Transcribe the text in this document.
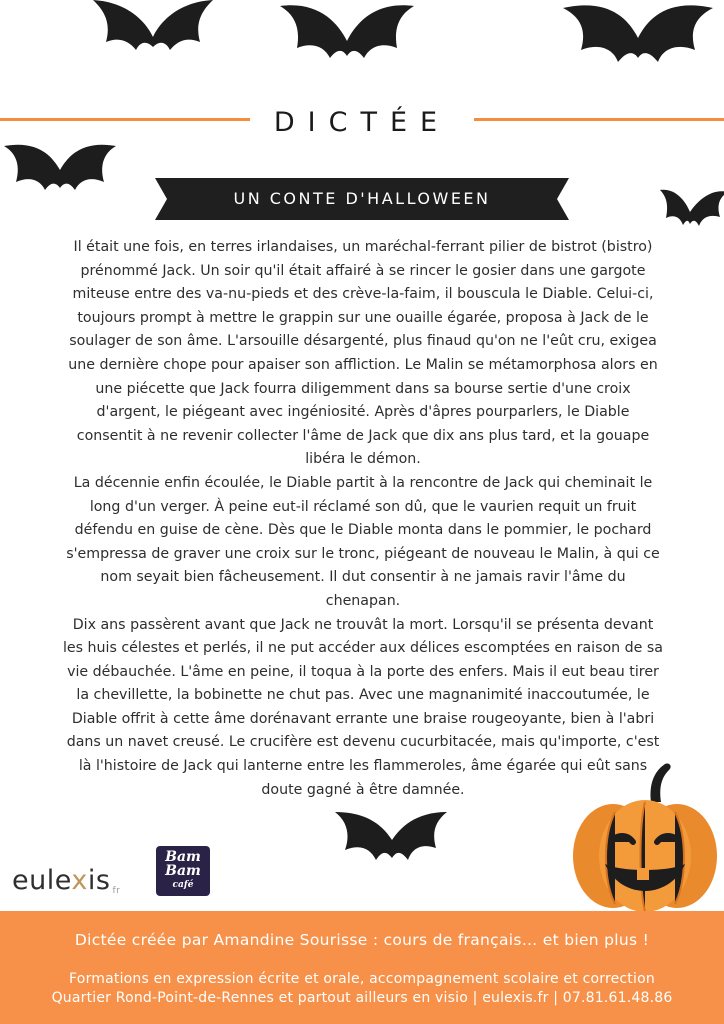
DICTÉE
UN CONTE D'HALLOWEEN

Il était une fois, en terres irlandaises, un maréchal-ferrant pilier de bistrot (bistro) prénommé Jack. Un soir qu'il était affairé à se rincer le gosier dans une gargote miteuse entre des va-nu-pieds et des crève-la-faim, il bouscula le Diable. Celui-ci, toujours prompt à mettre le grappin sur une ouaille égarée, proposa à Jack de le soulager de son âme. L'arsouille désargenté, plus finaud qu'on ne l'eût cru, exigea une dernière chope pour apaiser son affliction. Le Malin se métamorphosa alors en une piécette que Jack fourra diligemment dans sa bourse sertie d'une croix d'argent, le piégeant avec ingéniosité. Après d'âpres pourparlers, le Diable consentit à ne revenir collecter l'âme de Jack que dix ans plus tard, et la gouape libéra le démon.

La décennie enfin écoulée, le Diable partit à la rencontre de Jack qui cheminait le long d'un verger. À peine eut-il réclamé son dû, que le vaurien requit un fruit défendu en guise de cène. Dès que le Diable monta dans le pommier, le pochard s'empressa de graver une croix sur le tronc, piégeant de nouveau le Malin, à qui ce nom seyait bien fâcheusement. Il dut consentir à ne jamais ravir l'âme du chenapan.

Dix ans passèrent avant que Jack ne trouvât la mort. Lorsqu'il se présenta devant les huis célestes et perlés, il ne put accéder aux délices escomptées en raison de sa vie débauchée. L'âme en peine, il toqua à la porte des enfers. Mais il eut beau tirer la chevillette, la bobinette ne chut pas. Avec une magnanimité inaccoutumée, le Diable offrit à cette âme dorénavant errante une braise rougeoyante, bien à l'abri dans un navet creusé. Le crucifère est devenu cucurbitacée, mais qu'importe, c'est là l'histoire de Jack qui lanterne entre les flammeroles, âme égarée qui eût sans doute gagné à être damnée.

eulexis fr
Bam
Bam
café
Dictée créée par Amandine Sourisse : cours de français… et bien plus !
Formations en expression écrite et orale, accompagnement scolaire et correction
Quartier Rond-Point-de-Rennes et partout ailleurs en visio | eulexis.fr | 07.81.61.48.86
